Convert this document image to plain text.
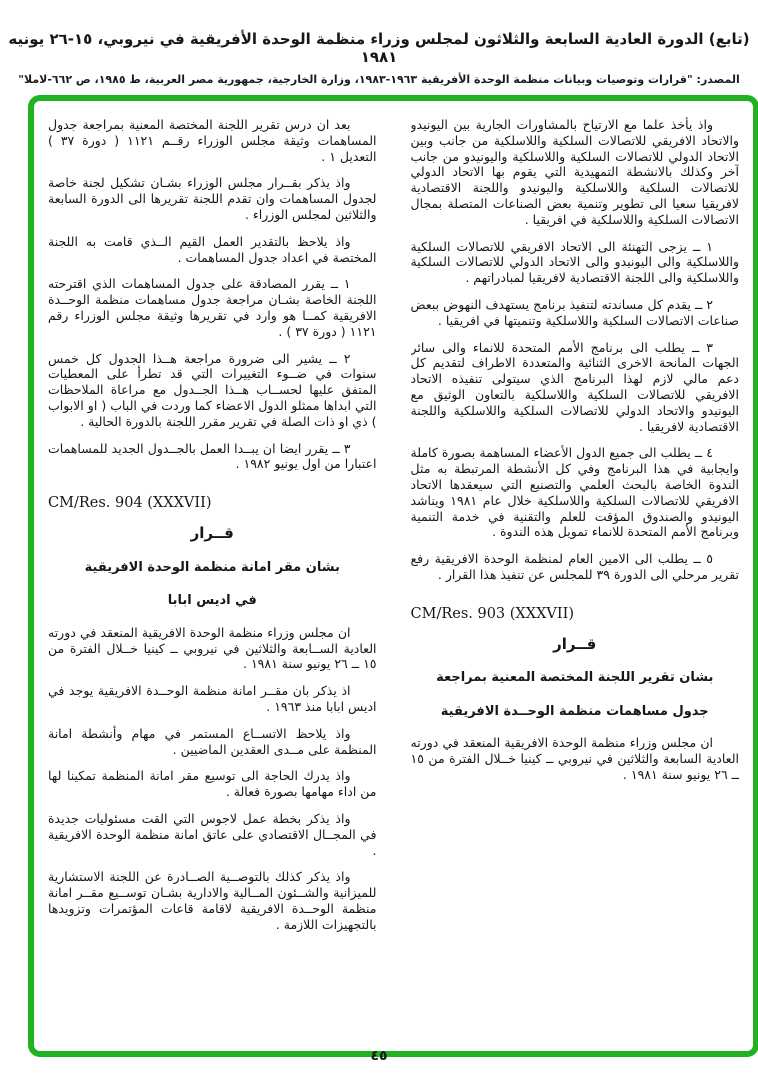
(تابع) الدورة العادية السابعة والثلاثون لمجلس وزراء منظمة الوحدة الأفريقية في نيروبي، ١٥-٢٦ يونيه ١٩٨١
المصدر: "قرارات وتوصيات وبيانات منظمة الوحدة الأفريقية ١٩٦٣-١٩٨٣، وزارة الخارجية، جمهورية مصر العربية، ط ١٩٨٥، ص ٦٦٢-لاملا"
واذ يأخذ علما مع الارتياح بالمشاورات الجارية بين اليونيدو والاتحاد الافريقي للاتصالات السلكية واللاسلكية من جانب وبين الاتحاد الدولي للاتصالات السلكية واللاسلكية واليونيدو من جانب آخر وكذلك بالانشطة التمهيدية التي يقوم بها الاتحاد الدولي للاتصالات السلكية واللاسلكية واليونيدو واللجنة الاقتصادية لافريقيا سعيا الى تطوير وتنمية بعض الصناعات المتصلة بمجال الاتصالات السلكية واللاسلكية في افريقيا .
١ ــ يزجى التهنئة الى الاتحاد الافريقي للاتصالات السلكية واللاسلكية والى اليونيدو والى الاتحاد الدولي للاتصالات السلكية واللاسلكية والى اللجنة الاقتصادية لافريقيا لمبادراتهم .
٢ ــ يقدم كل مساندته لتنفيذ برنامج يستهدف النهوض ببعض صناعات الاتصالات السلكية واللاسلكية وتنميتها في افريقيا .
٣ ــ يطلب الى برنامج الأمم المتحدة للانماء والى سائر الجهات المانحة الاخرى الثنائية والمتعددة الاطراف لتقديم كل دعم مالي لازم لهذا البرنامج الذي سيتولى تنفيذه الاتحاد الافريقي للاتصالات السلكية واللاسلكية بالتعاون الوثيق مع اليونيدو والاتحاد الدولي للاتصالات السلكية واللاسلكية واللجنة الاقتصادية لافريقيا .
٤ ــ يطلب الى جميع الدول الأعضاء المساهمة بصورة كاملة وايجابية في هذا البرنامج وفي كل الأنشطة المرتبطة به مثل الندوة الخاصة بالبحث العلمي والتصنيع التي سيعقدها الاتحاد الافريقي للاتصالات السلكية واللاسلكية خلال عام ١٩٨١ ويناشد اليونيدو والصندوق المؤقت للعلم والتقنية في خدمة التنمية وبرنامج الأمم المتحدة للانماء تمويل هذه الندوة .
٥ ــ يطلب الى الامين العام لمنظمة الوحدة الافريقية رفع تقرير مرحلي الى الدورة ٣٩ للمجلس عن تنفيذ هذا القرار .
CM/Res. 903 (XXXVII)
قــرار
بشان تقرير اللجنة المختصة المعنية بمراجعة
جدول مساهمات منظمة الوحــدة الافريقية
ان مجلس وزراء منظمة الوحدة الافريقية المنعقد في دورته العادية السابعة والثلاثين في نيروبي ــ كينيا خــلال الفترة من ١٥ ــ ٢٦ يونيو سنة ١٩٨١ .
بعد ان درس تقرير اللجنة المختصة المعنية بمراجعة جدول المساهمات وثيقة مجلس الوزراء رقــم ١١٢١ ( دورة ٣٧ ) التعديل ١ .
واذ يذكر بقــرار مجلس الوزراء بشـان تشكيل لجنة خاصة لجدول المساهمات وان تقدم اللجنة تقريرها الى الدورة السابعة والثلاثين لمجلس الوزراء .
واذ يلاحظ بالتقدير العمل القيم الــذي قامت به اللجنة المختصة في اعداد جدول المساهمات .
١ ــ يقرر المصادقة على جدول المساهمات الذي اقترحته اللجنة الخاصة بشـان مراجعة جدول مساهمات منظمة الوحــدة الافريقية كمــا هو وارد في تقريرها وثيقة مجلس الوزراء رقم ١١٢١ ( دورة ٣٧ ) .
٢ ــ يشير الى ضرورة مراجعة هــذا الجدول كل خمس سنوات في ضــوء التغييرات التي قد تطرأ على المعطيات المتفق عليها لحســاب هــذا الجــدول مع مراعاة الملاحظات التي ابداها ممثلو الدول الاعضاء كما وردت في الباب ( او الابواب ) ذي او ذات الصلة في تقرير مقرر اللجنة بالدورة الحالية .
٣ ــ يقرر ايضا ان يبــدا العمل بالجــدول الجديد للمساهمات اعتبارا من اول يونيو ١٩٨٢ .
CM/Res. 904 (XXXVII)
قــرار
بشان مقر امانة منظمة الوحدة الافريقية
في اديس ابابا
ان مجلس وزراء منظمة الوحدة الافريقية المنعقد في دورته العادية الســابعة والثلاثين في نيروبي ــ كينيا خــلال الفترة من ١٥ ــ ٢٦ يونيو سنة ١٩٨١ .
اذ يذكر بان مقــر امانة منظمة الوحــدة الافريقية يوجد في اديس ابابا منذ ١٩٦٣ .
واذ يلاحظ الاتســاع المستمر في مهام وأنشطة امانة المنظمة على مــدى العقدين الماضيين .
واذ يدرك الحاجة الى توسيع مقر امانة المنظمة تمكينا لها من اداء مهامها بصورة فعالة .
واذ يذكر بخطة عمل لاجوس التي القت مسئوليات جديدة في المجــال الاقتصادي على عاتق امانة منظمة الوحدة الافريقية .
واذ يذكر كذلك بالتوصــية الصــادرة عن اللجنة الاستشارية للميزانية والشــئون المــالية والادارية بشـان توســيع مقــر امانة منظمة الوحــدة الافريقية لاقامة قاعات المؤتمرات وتزويدها بالتجهيزات اللازمة .
٤٥
